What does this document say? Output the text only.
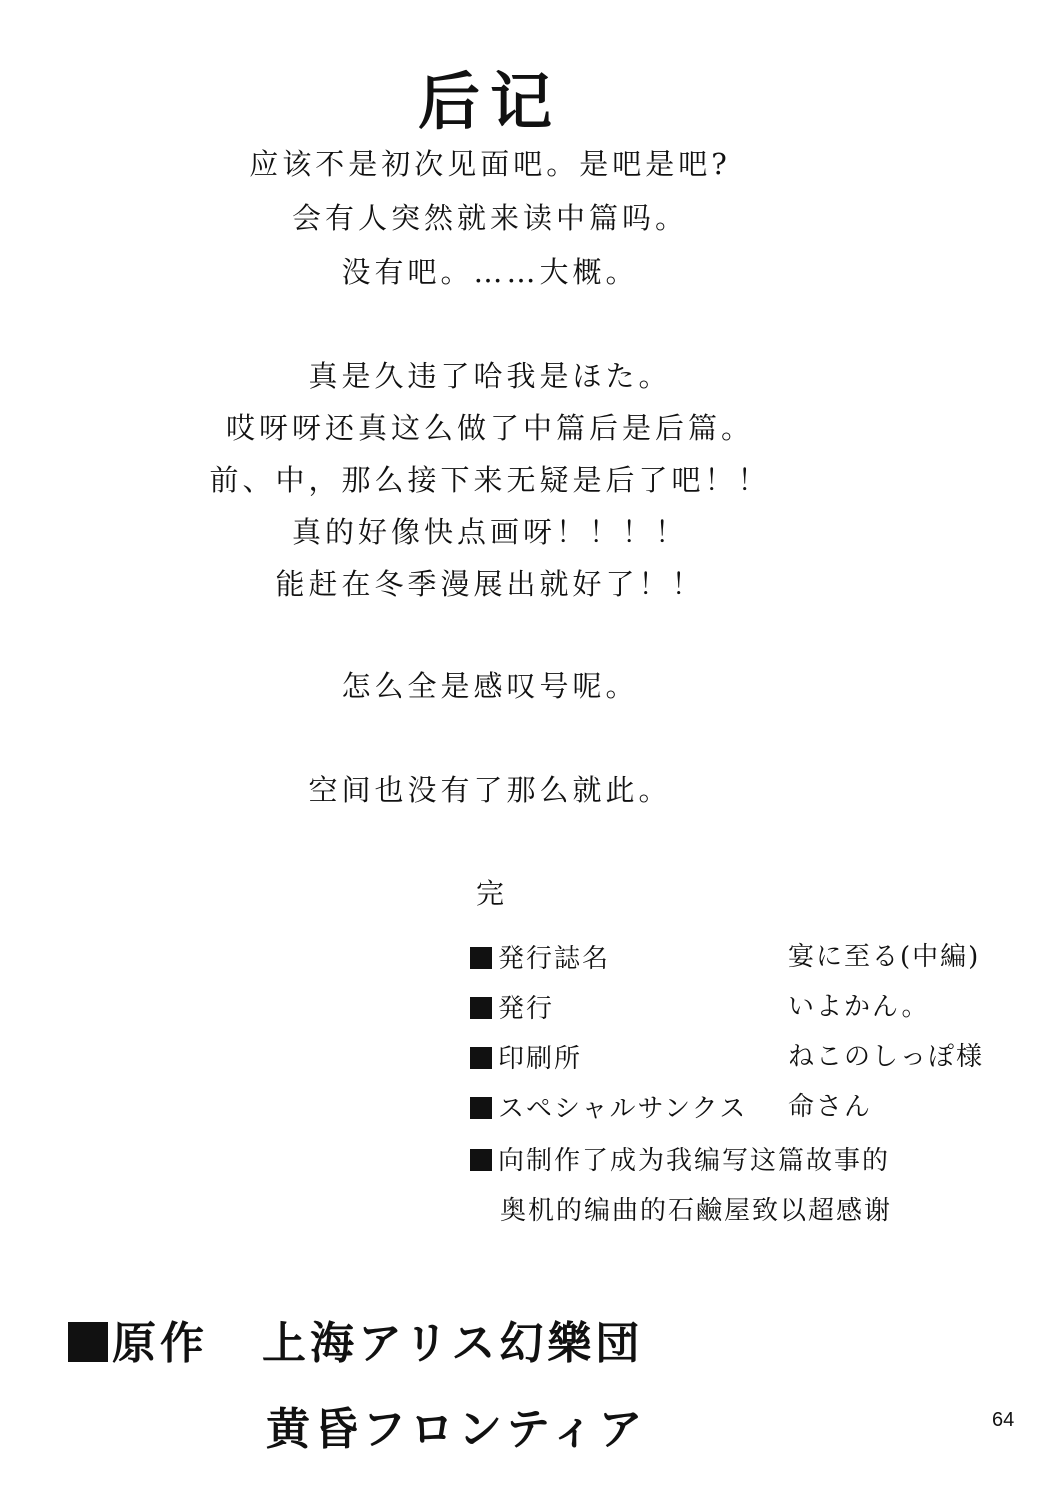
后记
应该不是初次见面吧。是吧是吧?
会有人突然就来读中篇吗。
没有吧。……大概。
真是久违了哈我是ほた。
哎呀呀还真这么做了中篇后是后篇。
前、中，那么接下来无疑是后了吧！！
真的好像快点画呀！！！！
能赶在冬季漫展出就好了！！
怎么全是感叹号呢。
空间也没有了那么就此。
完
発行誌名	宴に至る(中編)
発行	いよかん。
印刷所	ねこのしっぽ様
スペシャルサンクス 命さん
向制作了成为我编写这篇故事的
奥机的编曲的石鹼屋致以超感谢
原作 上海アリス幻樂団
黄昏フロンティア	64
